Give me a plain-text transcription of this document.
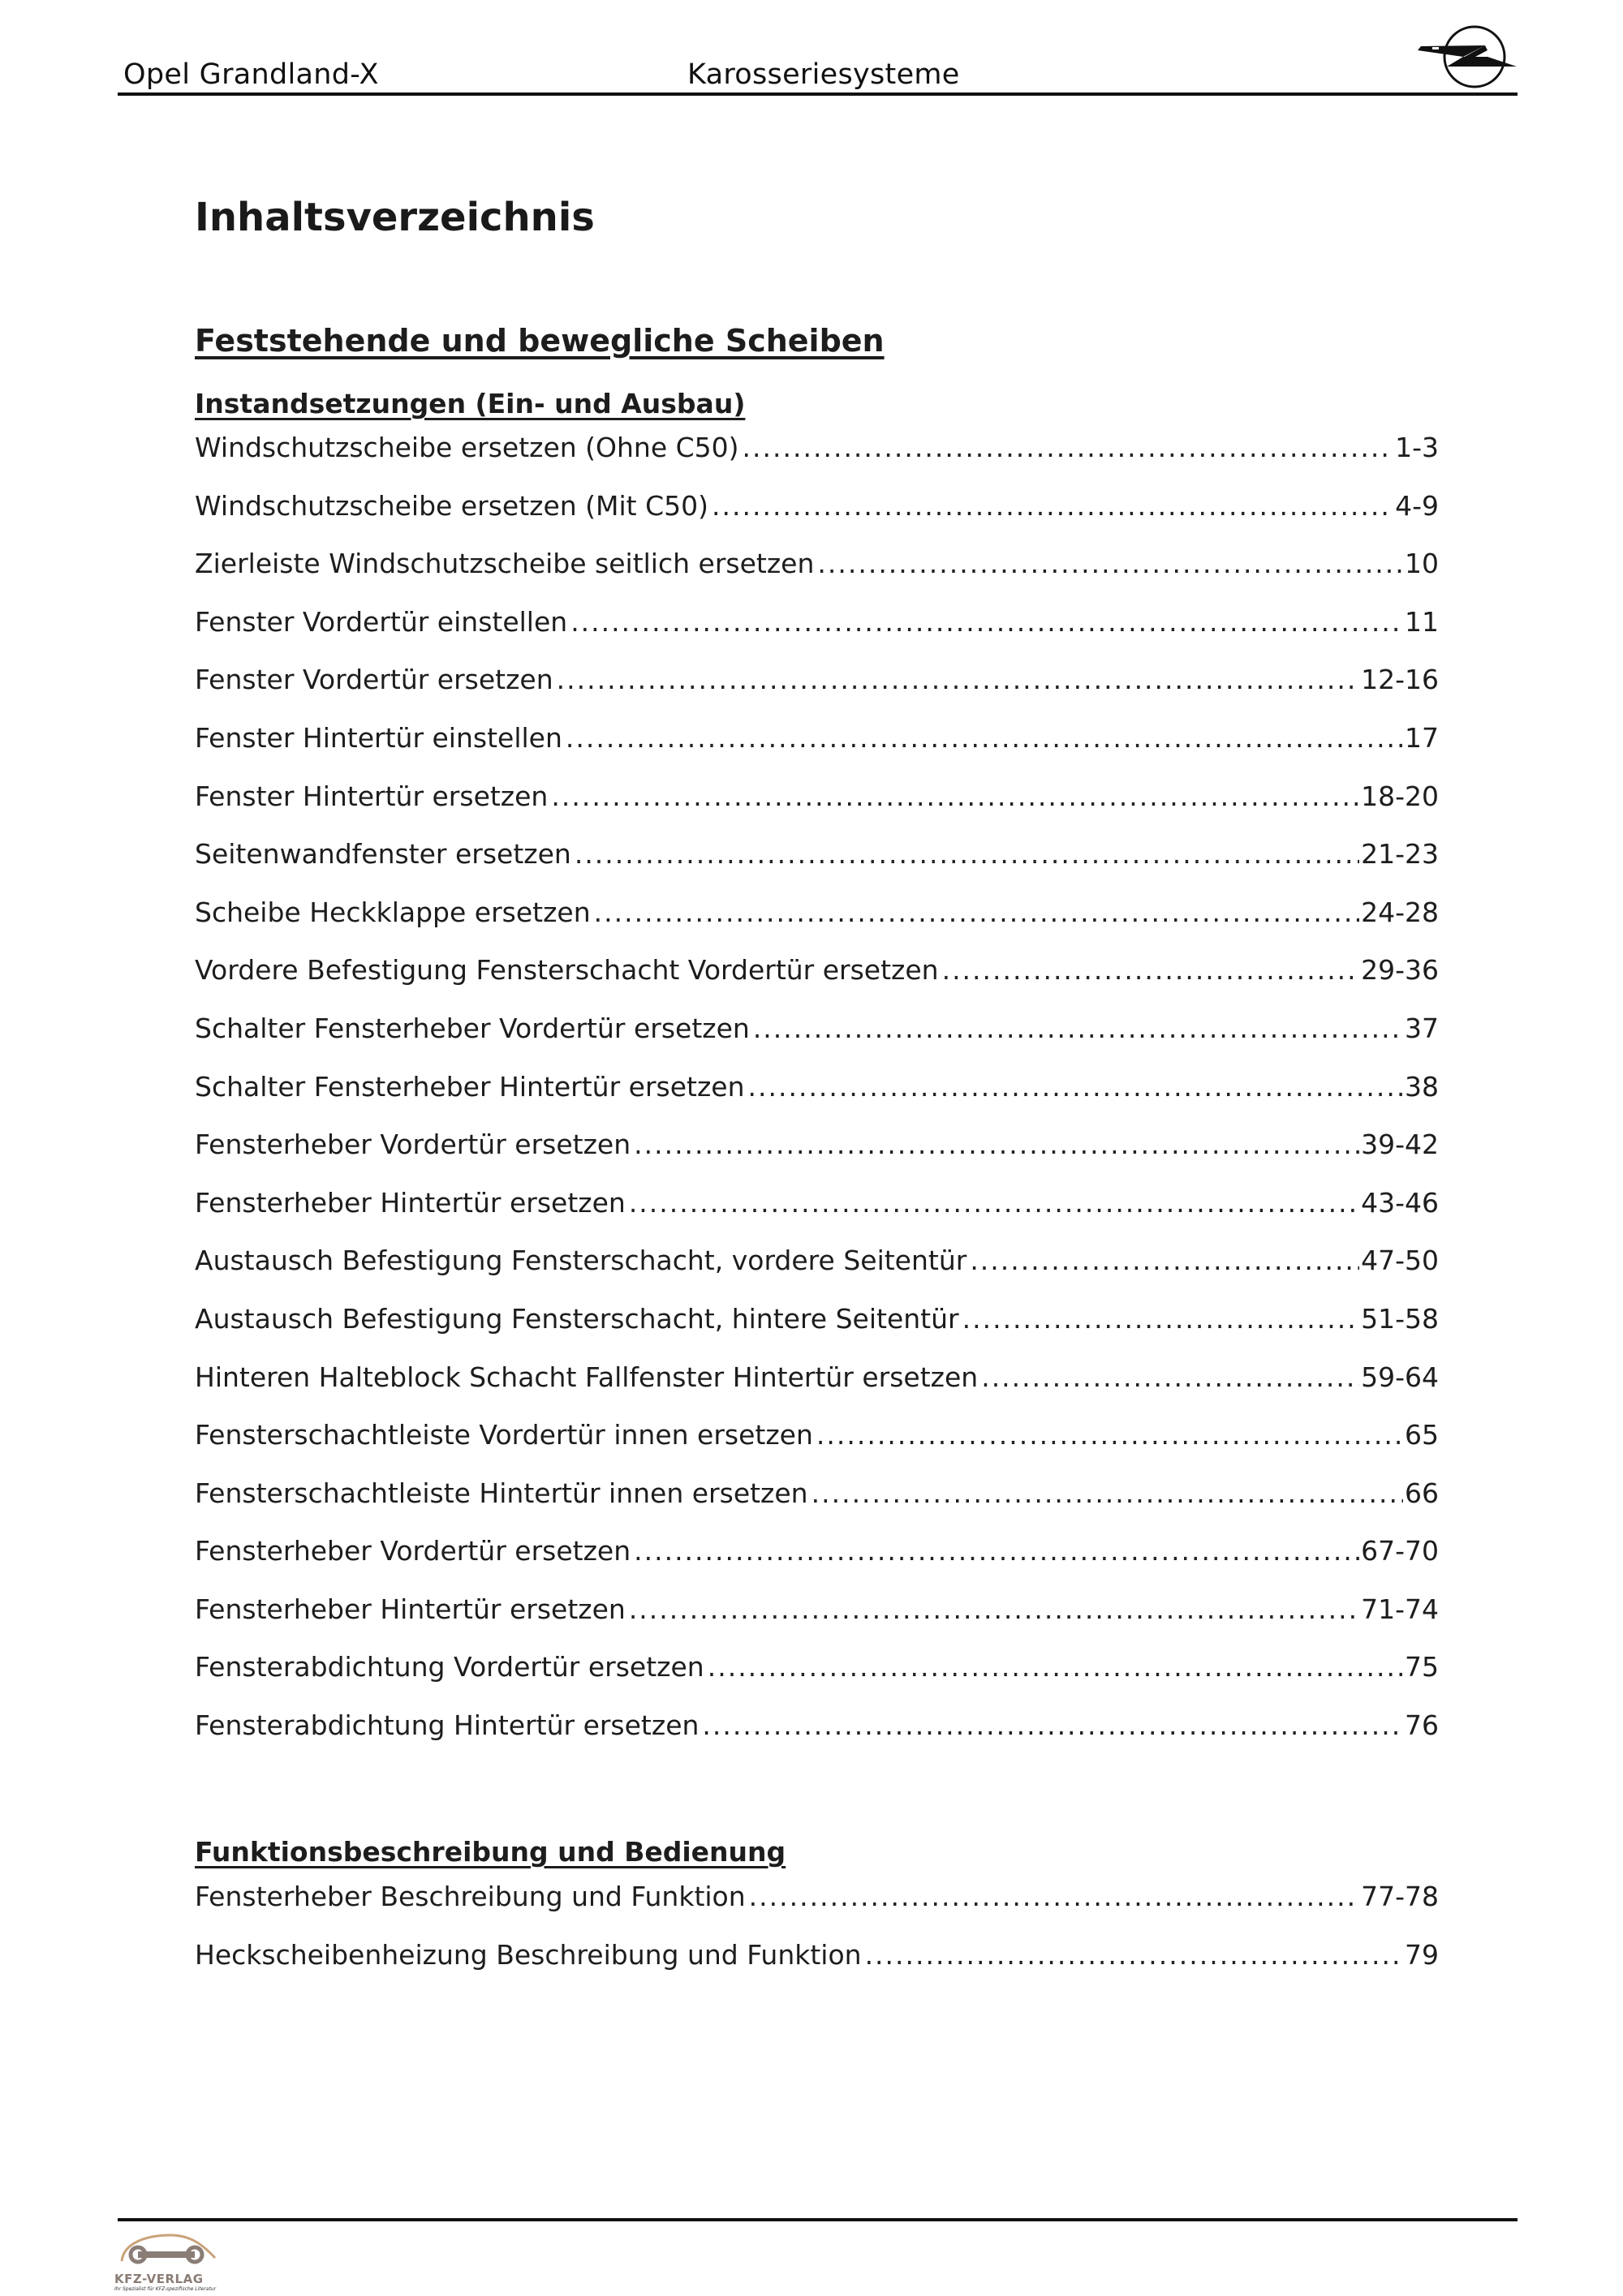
Opel Grandland-X	Karosseriesysteme
Inhaltsverzeichnis
Feststehende und bewegliche Scheiben
Instandsetzungen (Ein- und Ausbau)
Windschutzscheibe ersetzen (Ohne C50) .....	1-3
Windschutzscheibe ersetzen (Mit C50) .....	4-9
Zierleiste Windschutzscheibe seitlich ersetzen .....	10
Fenster Vordertür einstellen .....	11
Fenster Vordertür ersetzen .....	12-16
Fenster Hintertür einstellen .....	17
Fenster Hintertür ersetzen .....	18-20
Seitenwandfenster ersetzen .....	21-23
Scheibe Heckklappe ersetzen .....	24-28
Vordere Befestigung Fensterschacht Vordertür ersetzen .....	29-36
Schalter Fensterheber Vordertür ersetzen .....	37
Schalter Fensterheber Hintertür ersetzen .....	38
Fensterheber Vordertür ersetzen .....	39-42
Fensterheber Hintertür ersetzen .....	43-46
Austausch Befestigung Fensterschacht, vordere Seitentür .....	47-50
Austausch Befestigung Fensterschacht, hintere Seitentür .....	51-58
Hinteren Halteblock Schacht Fallfenster Hintertür ersetzen .....	59-64
Fensterschachtleiste Vordertür innen ersetzen .....	65
Fensterschachtleiste Hintertür innen ersetzen .....	66
Fensterheber Vordertür ersetzen .....	67-70
Fensterheber Hintertür ersetzen .....	71-74
Fensterabdichtung Vordertür ersetzen .....	75
Fensterabdichtung Hintertür ersetzen .....	76
Funktionsbeschreibung und Bedienung
Fensterheber Beschreibung und Funktion .....	77-78
Heckscheibenheizung Beschreibung und Funktion .....	79
KFZ-VERLAG
Ihr Spezialist für KFZ-spezifische Literatur
